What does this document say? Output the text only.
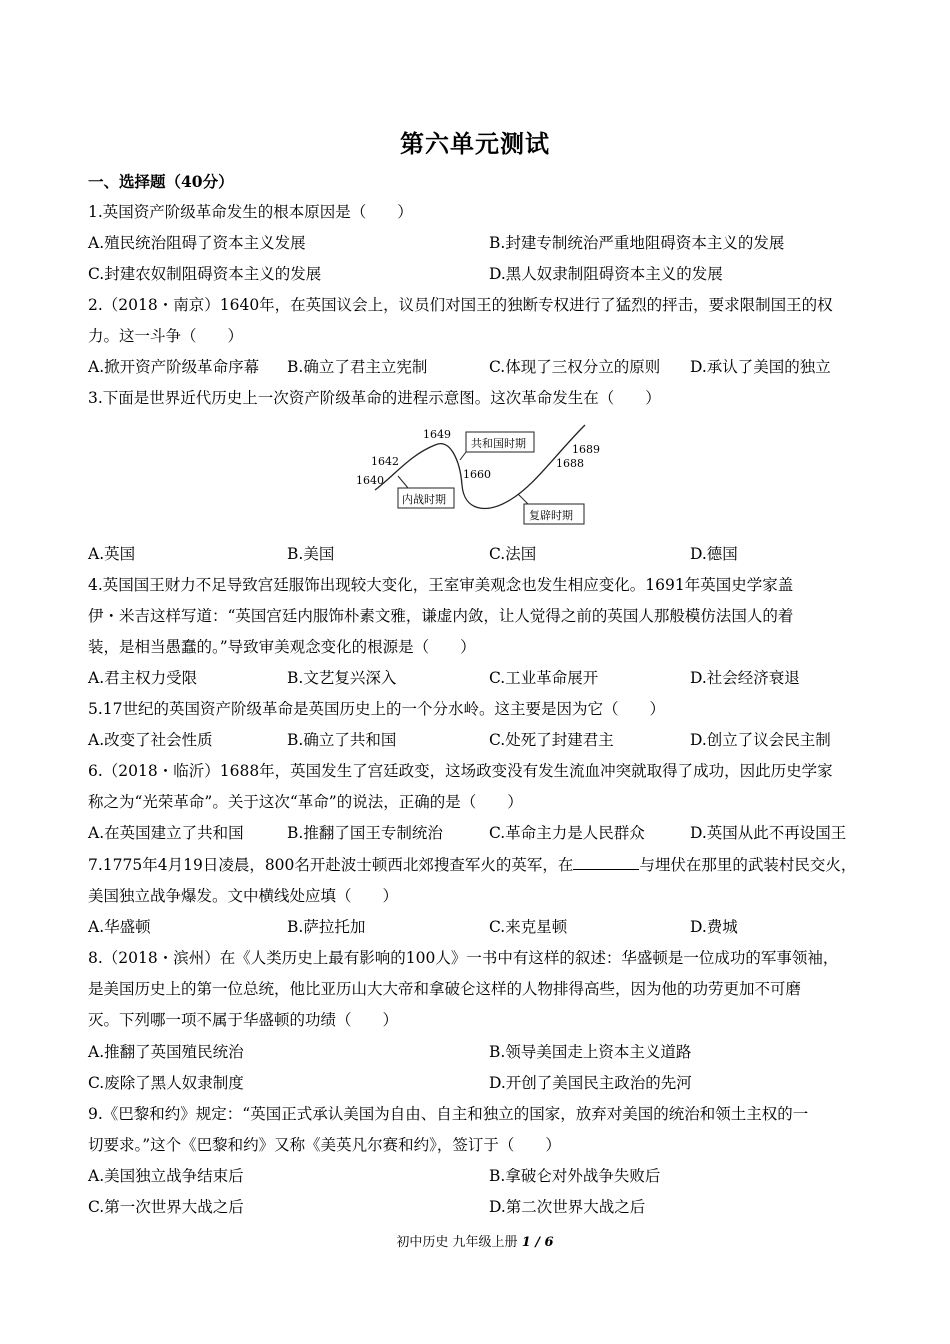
第六单元测试
一、选择题（40分）
1.英国资产阶级革命发生的根本原因是（　　）
A.殖民统治阻碍了资本主义发展	B.封建专制统治严重地阻碍资本主义的发展
C.封建农奴制阻碍资本主义的发展	D.黑人奴隶制阻碍资本主义的发展
2.（2018・南京）1640年，在英国议会上，议员们对国王的独断专权进行了猛烈的抨击，要求限制国王的权
力。这一斗争（　　）
A.掀开资产阶级革命序幕 B.确立了君主立宪制	C.体现了三权分立的原则 D.承认了美国的独立
3.下面是世界近代历史上一次资产阶级革命的进程示意图。这次革命发生在（　　）
1640
1642
1649
1660
1688
1689
共和国时期
内战时期
复辟时期
A.英国	B.美国	C.法国	D.德国
4.英国国王财力不足导致宫廷服饰出现较大变化，王室审美观念也发生相应变化。1691年英国史学家盖
伊・米吉这样写道：“英国宫廷内服饰朴素文雅，谦虚内敛，让人觉得之前的英国人那般模仿法国人的着
装，是相当愚蠢的。”导致审美观念变化的根源是（　　）
A.君主权力受限	B.文艺复兴深入	C.工业革命展开	D.社会经济衰退
5.17世纪的英国资产阶级革命是英国历史上的一个分水岭。这主要是因为它（　　）
A.改变了社会性质	B.确立了共和国	C.处死了封建君主	D.创立了议会民主制
6.（2018・临沂）1688年，英国发生了宫廷政变，这场政变没有发生流血冲突就取得了成功，因此历史学家
称之为“光荣革命”。关于这次“革命”的说法，正确的是（　　）
A.在英国建立了共和国	B.推翻了国王专制统治	C.革命主力是人民群众	D.英国从此不再设国王
7.1775年4月19日凌晨，800名开赴波士顿西北郊搜查军火的英军，在	与埋伏在那里的武装村民交火，
美国独立战争爆发。文中横线处应填（　　）
A.华盛顿	B.萨拉托加	C.来克星顿	D.费城
8.（2018・滨州）在《人类历史上最有影响的100人》一书中有这样的叙述：华盛顿是一位成功的军事领袖，
是美国历史上的第一位总统，他比亚历山大大帝和拿破仑这样的人物排得高些，因为他的功劳更加不可磨
灭。下列哪一项不属于华盛顿的功绩（　　）
A.推翻了英国殖民统治	B.领导美国走上资本主义道路
C.废除了黑人奴隶制度	D.开创了美国民主政治的先河
9.《巴黎和约》规定：“英国正式承认美国为自由、自主和独立的国家，放弃对美国的统治和领土主权的一
切要求。”这个《巴黎和约》又称《美英凡尔赛和约》，签订于（　　）
A.美国独立战争结束后	B.拿破仑对外战争失败后
C.第一次世界大战之后	D.第二次世界大战之后
初中历史 九年级上册 1 / 6
